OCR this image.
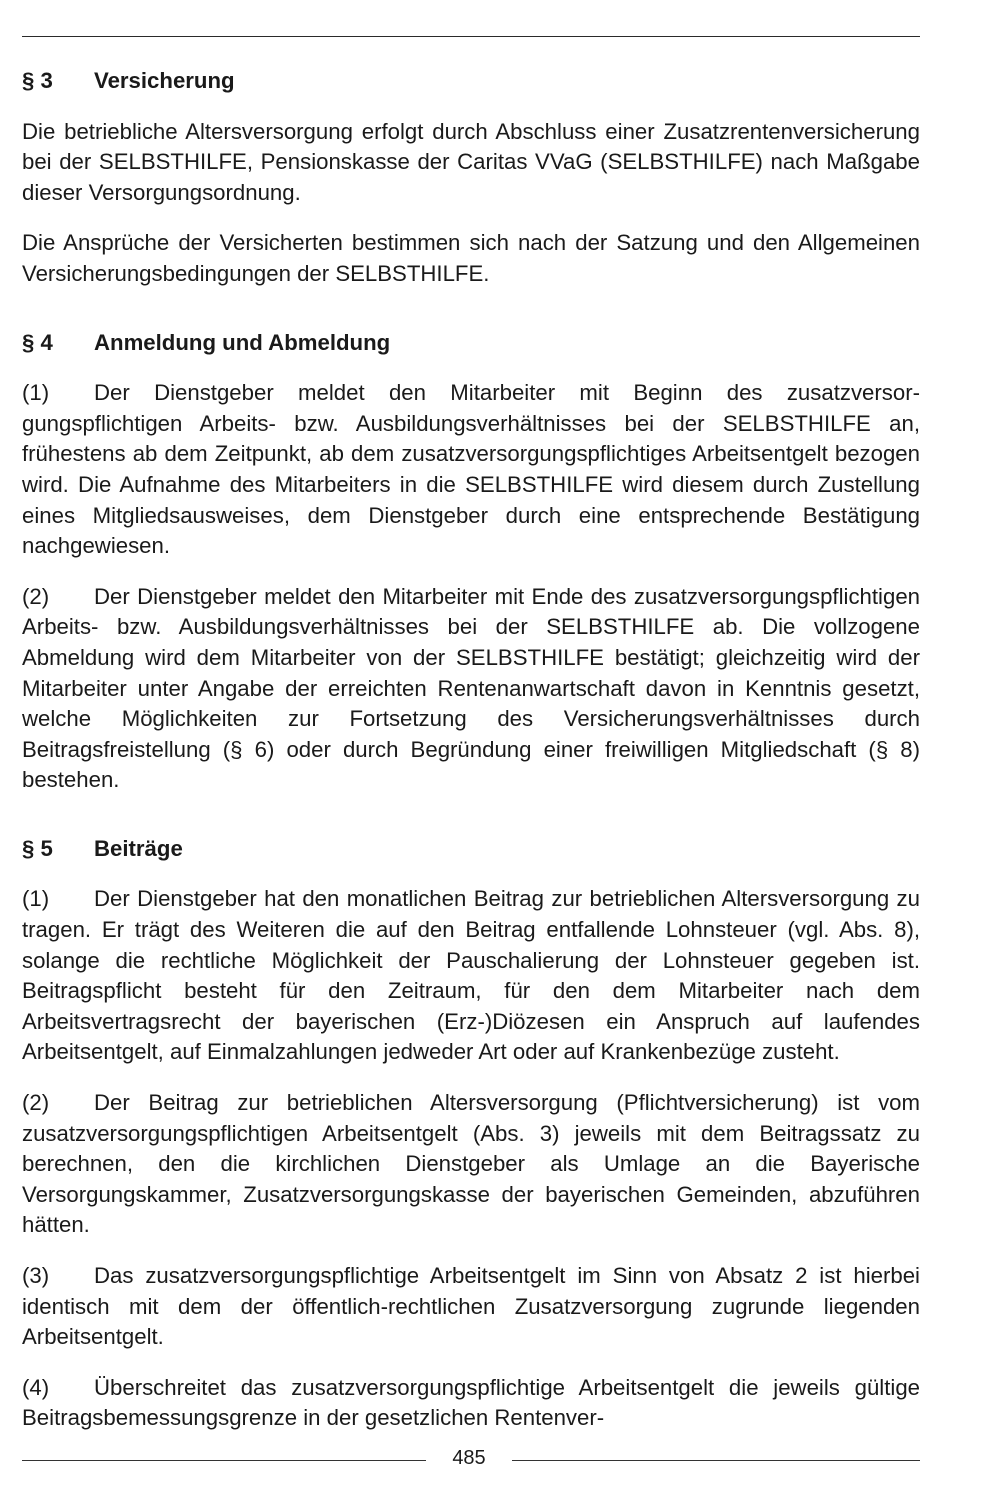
§ 3	Versicherung

Die betriebliche Altersversorgung erfolgt durch Abschluss einer Zusatzrentenversicherung bei der SELBSTHILFE, Pensionskasse der Caritas VVaG (SELBSTHILFE) nach Maßgabe dieser Versorgungsordnung.

Die Ansprüche der Versicherten bestimmen sich nach der Satzung und den Allgemeinen Versicherungsbedingungen der SELBSTHILFE.

§ 4	Anmeldung und Abmeldung

(1) Der Dienstgeber meldet den Mitarbeiter mit Beginn des zusatzversorgungspflichtigen Arbeits- bzw. Ausbildungsverhältnisses bei der SELBSTHILFE an, frühestens ab dem Zeitpunkt, ab dem zusatzversorgungspflichtiges Arbeitsentgelt bezogen wird. Die Aufnahme des Mitarbeiters in die SELBSTHILFE wird diesem durch Zustellung eines Mitgliedsausweises, dem Dienstgeber durch eine entsprechende Bestätigung nachgewiesen.

(2) Der Dienstgeber meldet den Mitarbeiter mit Ende des zusatzversorgungspflichtigen Arbeits- bzw. Ausbildungsverhältnisses bei der SELBSTHILFE ab. Die vollzogene Abmeldung wird dem Mitarbeiter von der SELBSTHILFE bestätigt; gleichzeitig wird der Mitarbeiter unter Angabe der erreichten Rentenanwartschaft davon in Kenntnis gesetzt, welche Möglichkeiten zur Fortsetzung des Versicherungsverhältnisses durch Beitragsfreistellung (§ 6) oder durch Begründung einer freiwilligen Mitgliedschaft (§ 8) bestehen.

§ 5	Beiträge

(1) Der Dienstgeber hat den monatlichen Beitrag zur betrieblichen Altersversorgung zu tragen. Er trägt des Weiteren die auf den Beitrag entfallende Lohnsteuer (vgl. Abs. 8), solange die rechtliche Möglichkeit der Pauschalierung der Lohnsteuer gegeben ist. Beitragspflicht besteht für den Zeitraum, für den dem Mitarbeiter nach dem Arbeitsvertragsrecht der bayerischen (Erz-)Diözesen ein Anspruch auf laufendes Arbeitsentgelt, auf Einmalzahlungen jedweder Art oder auf Krankenbezüge zusteht.

(2) Der Beitrag zur betrieblichen Altersversorgung (Pflichtversicherung) ist vom zusatzversorgungspflichtigen Arbeitsentgelt (Abs. 3) jeweils mit dem Beitragssatz zu berechnen, den die kirchlichen Dienstgeber als Umlage an die Bayerische Versorgungskammer, Zusatzversorgungskasse der bayerischen Gemeinden, abzuführen hätten.

(3) Das zusatzversorgungspflichtige Arbeitsentgelt im Sinn von Absatz 2 ist hierbei identisch mit dem der öffentlich-rechtlichen Zusatzversorgung zugrunde liegenden Arbeitsentgelt.

(4) Überschreitet das zusatzversorgungspflichtige Arbeitsentgelt die jeweils gültige Beitragsbemessungsgrenze in der gesetzlichen Rentenver-

485
